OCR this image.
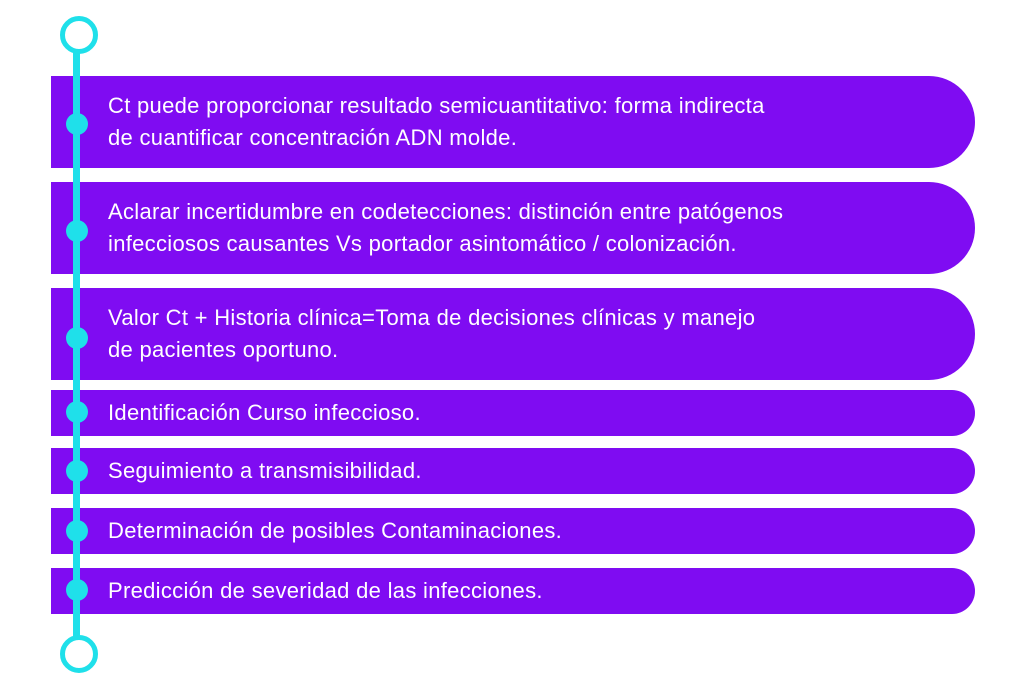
Ct puede proporcionar resultado semicuantitativo: forma indirecta
de cuantificar concentración ADN molde.

Aclarar incertidumbre en codetecciones: distinción entre patógenos
infecciosos causantes Vs portador asintomático / colonización.

Valor Ct + Historia clínica=Toma de decisiones clínicas y manejo
de pacientes oportuno.

Identificación Curso infeccioso.

Seguimiento a transmisibilidad.

Determinación de posibles Contaminaciones.

Predicción de severidad de las infecciones.
